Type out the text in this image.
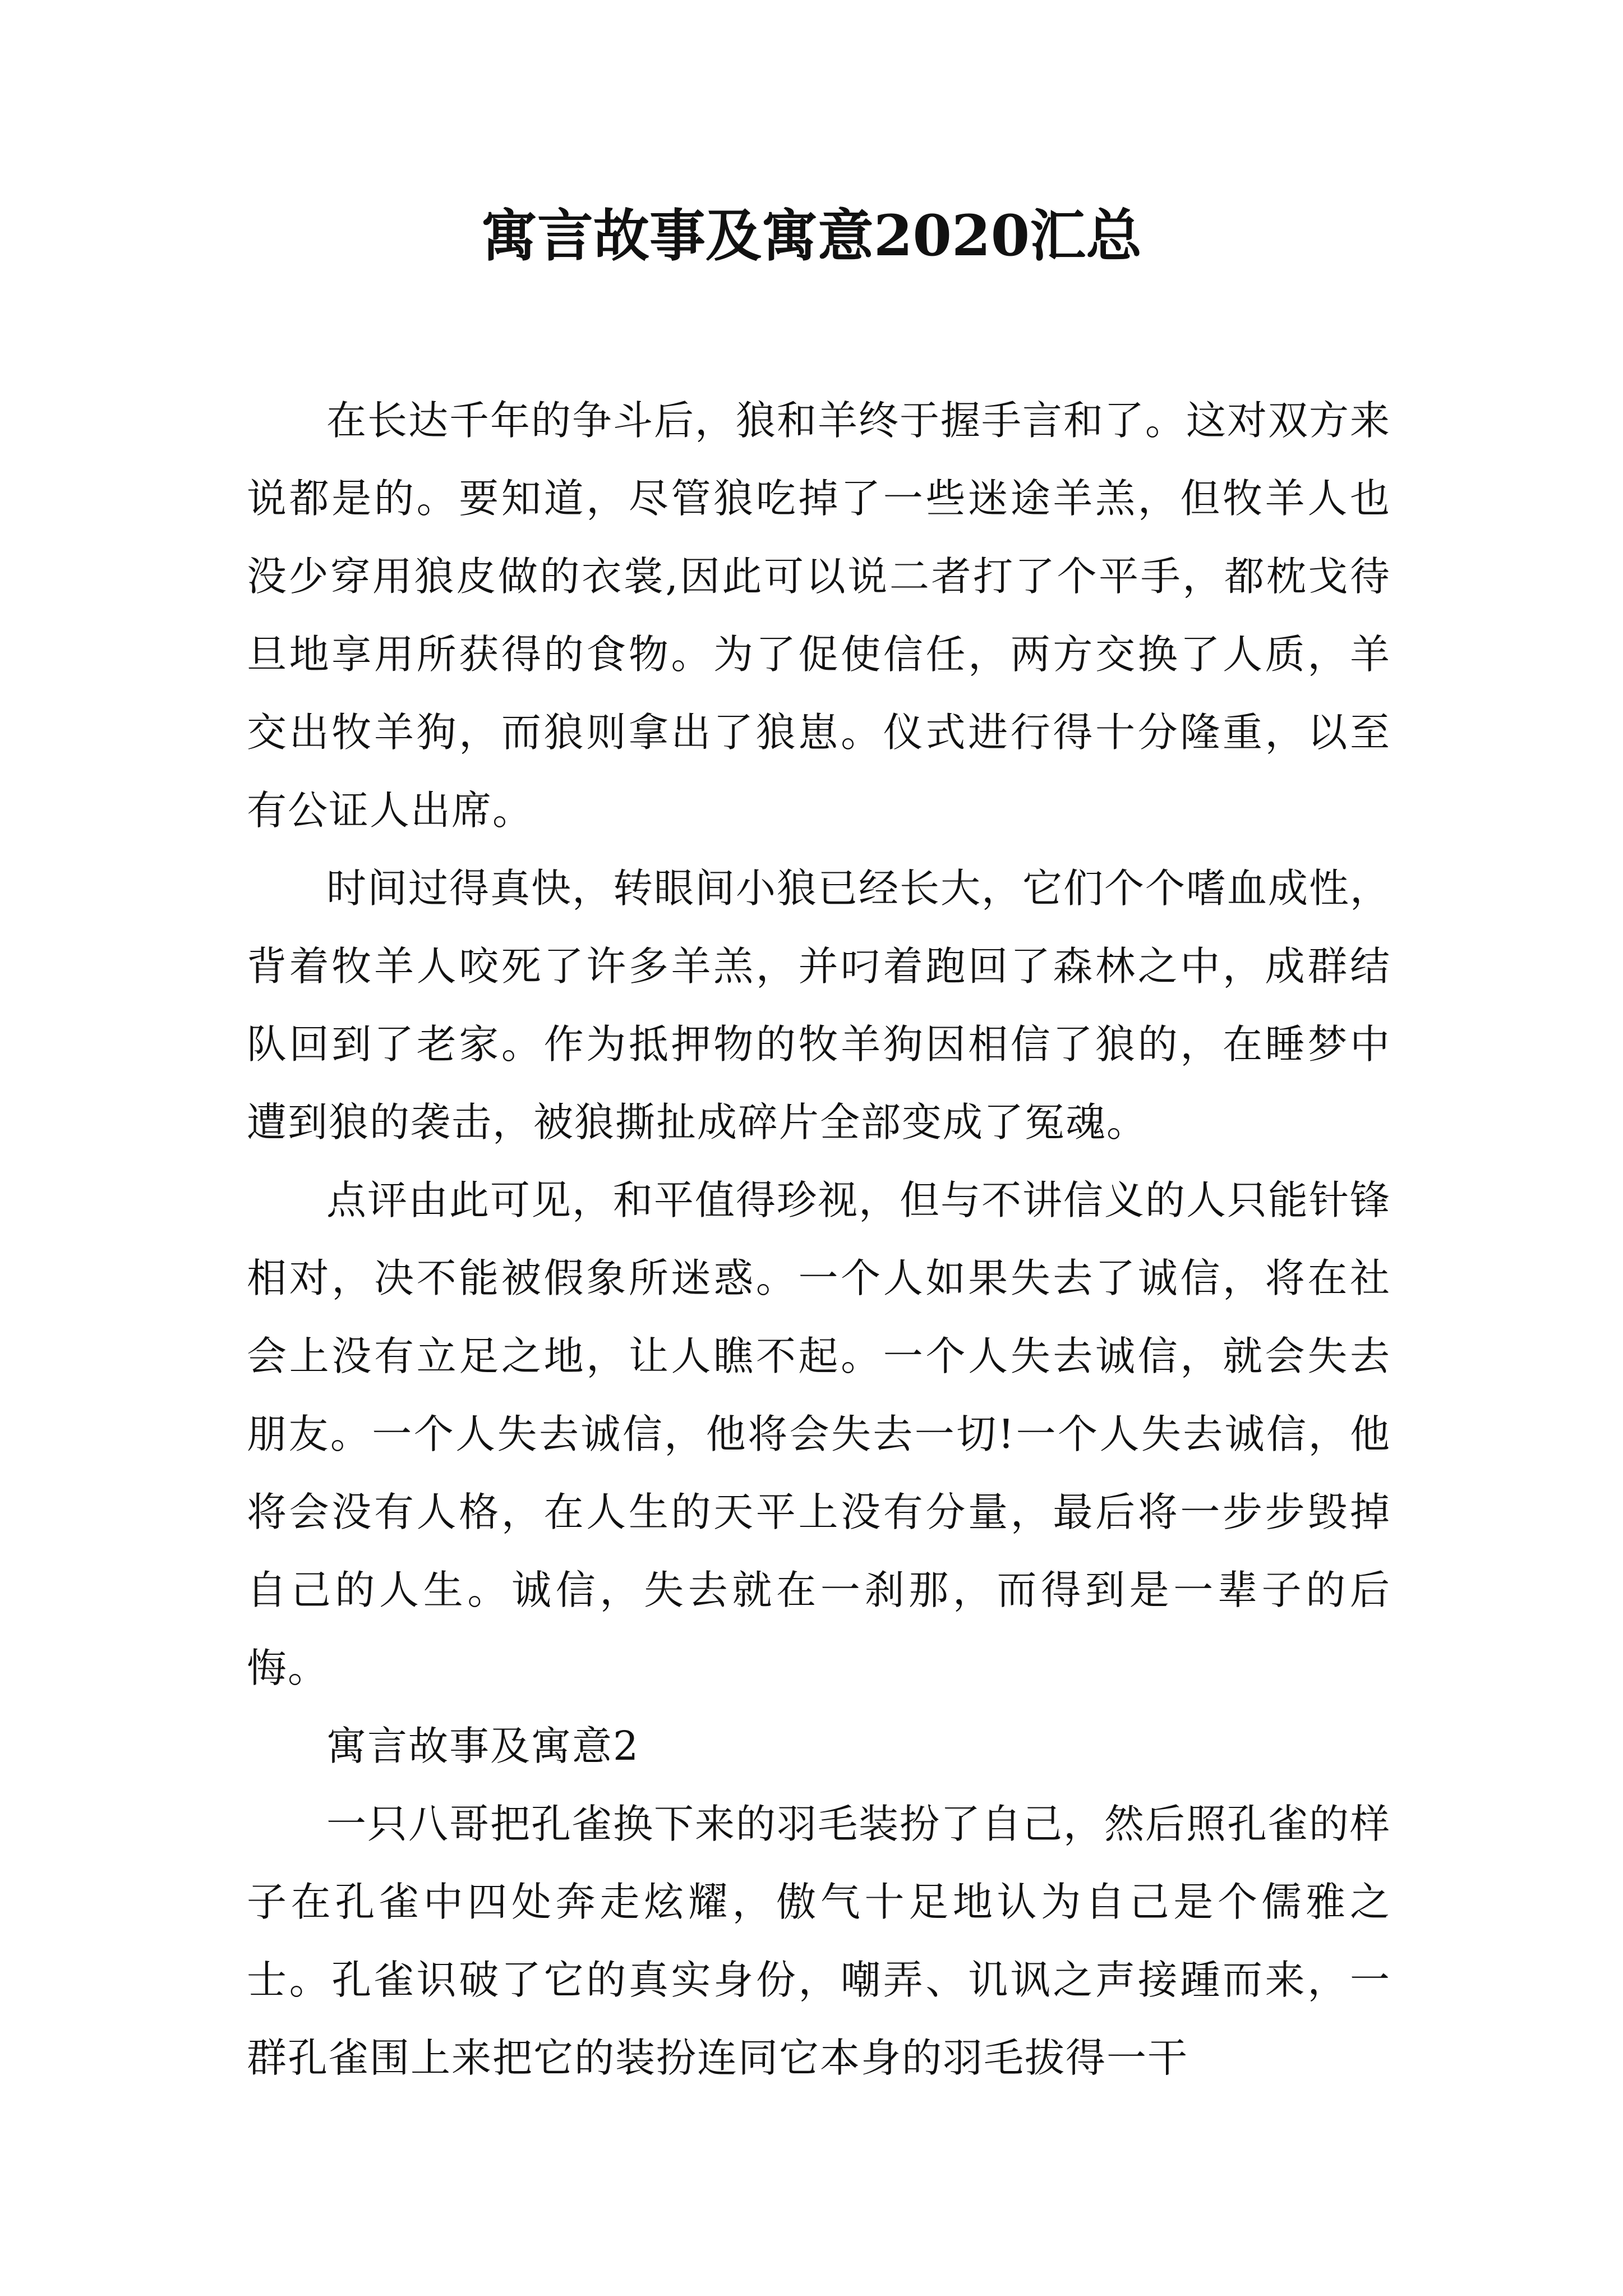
寓言故事及寓意2020汇总

在长达千年的争斗后，狼和羊终于握手言和了。这对双方来说都是的。要知道，尽管狼吃掉了一些迷途羊羔，但牧羊人也没少穿用狼皮做的衣裳,因此可以说二者打了个平手，都枕戈待旦地享用所获得的食物。为了促使信任，两方交换了人质，羊交出牧羊狗，而狼则拿出了狼崽。仪式进行得十分隆重，以至有公证人出席。

时间过得真快，转眼间小狼已经长大，它们个个嗜血成性，背着牧羊人咬死了许多羊羔，并叼着跑回了森林之中，成群结队回到了老家。作为抵押物的牧羊狗因相信了狼的，在睡梦中遭到狼的袭击，被狼撕扯成碎片全部变成了冤魂。

点评由此可见，和平值得珍视，但与不讲信义的人只能针锋相对，决不能被假象所迷惑。一个人如果失去了诚信，将在社会上没有立足之地，让人瞧不起。一个人失去诚信，就会失去朋友。一个人失去诚信，他将会失去一切!一个人失去诚信，他将会没有人格，在人生的天平上没有分量，最后将一步步毁掉自己的人生。诚信，失去就在一刹那，而得到是一辈子的后悔。

寓言故事及寓意2

一只八哥把孔雀换下来的羽毛装扮了自己，然后照孔雀的样子在孔雀中四处奔走炫耀，傲气十足地认为自己是个儒雅之士。孔雀识破了它的真实身份，嘲弄、讥讽之声接踵而来，一群孔雀围上来把它的装扮连同它本身的羽毛拔得一干
